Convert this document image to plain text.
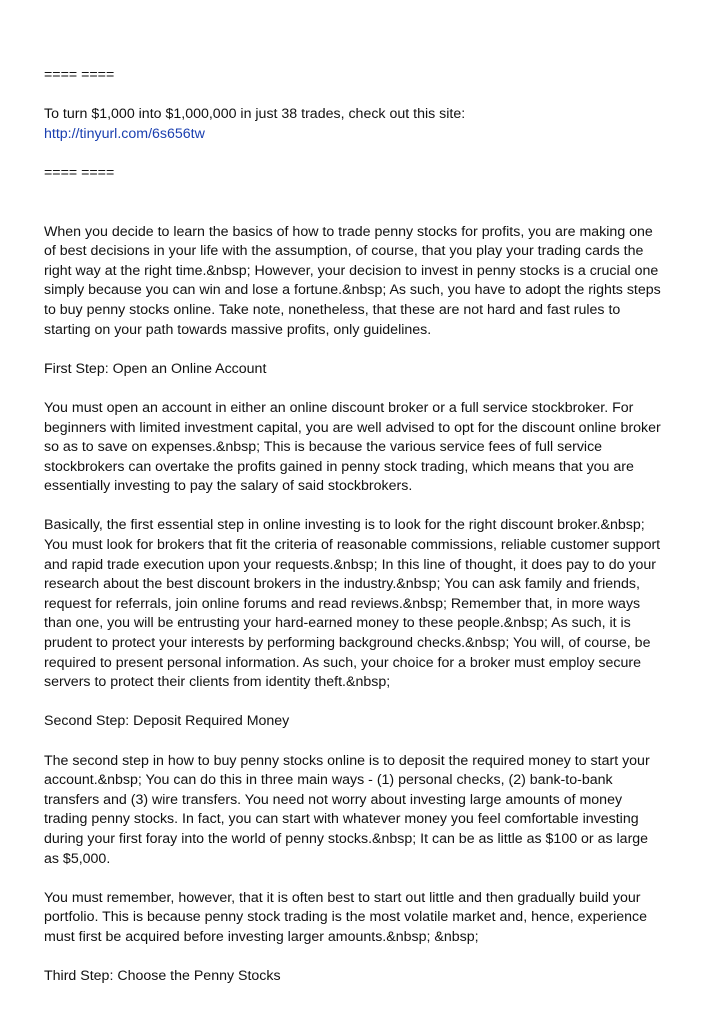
==== ====
To turn $1,000 into $1,000,000 in just 38 trades, check out this site:
http://tinyurl.com/6s656tw
==== ====
When you decide to learn the basics of how to trade penny stocks for profits, you are making one
of best decisions in your life with the assumption, of course, that you play your trading cards the
right way at the right time.&nbsp; However, your decision to invest in penny stocks is a crucial one
simply because you can win and lose a fortune.&nbsp; As such, you have to adopt the rights steps
to buy penny stocks online. Take note, nonetheless, that these are not hard and fast rules to
starting on your path towards massive profits, only guidelines.
First Step: Open an Online Account
You must open an account in either an online discount broker or a full service stockbroker. For
beginners with limited investment capital, you are well advised to opt for the discount online broker
so as to save on expenses.&nbsp; This is because the various service fees of full service
stockbrokers can overtake the profits gained in penny stock trading, which means that you are
essentially investing to pay the salary of said stockbrokers.
Basically, the first essential step in online investing is to look for the right discount broker.&nbsp;
You must look for brokers that fit the criteria of reasonable commissions, reliable customer support
and rapid trade execution upon your requests.&nbsp; In this line of thought, it does pay to do your
research about the best discount brokers in the industry.&nbsp; You can ask family and friends,
request for referrals, join online forums and read reviews.&nbsp; Remember that, in more ways
than one, you will be entrusting your hard-earned money to these people.&nbsp; As such, it is
prudent to protect your interests by performing background checks.&nbsp; You will, of course, be
required to present personal information. As such, your choice for a broker must employ secure
servers to protect their clients from identity theft.&nbsp;
Second Step: Deposit Required Money
The second step in how to buy penny stocks online is to deposit the required money to start your
account.&nbsp; You can do this in three main ways - (1) personal checks, (2) bank-to-bank
transfers and (3) wire transfers. You need not worry about investing large amounts of money
trading penny stocks. In fact, you can start with whatever money you feel comfortable investing
during your first foray into the world of penny stocks.&nbsp; It can be as little as $100 or as large
as $5,000.
You must remember, however, that it is often best to start out little and then gradually build your
portfolio. This is because penny stock trading is the most volatile market and, hence, experience
must first be acquired before investing larger amounts.&nbsp; &nbsp;
Third Step: Choose the Penny Stocks
